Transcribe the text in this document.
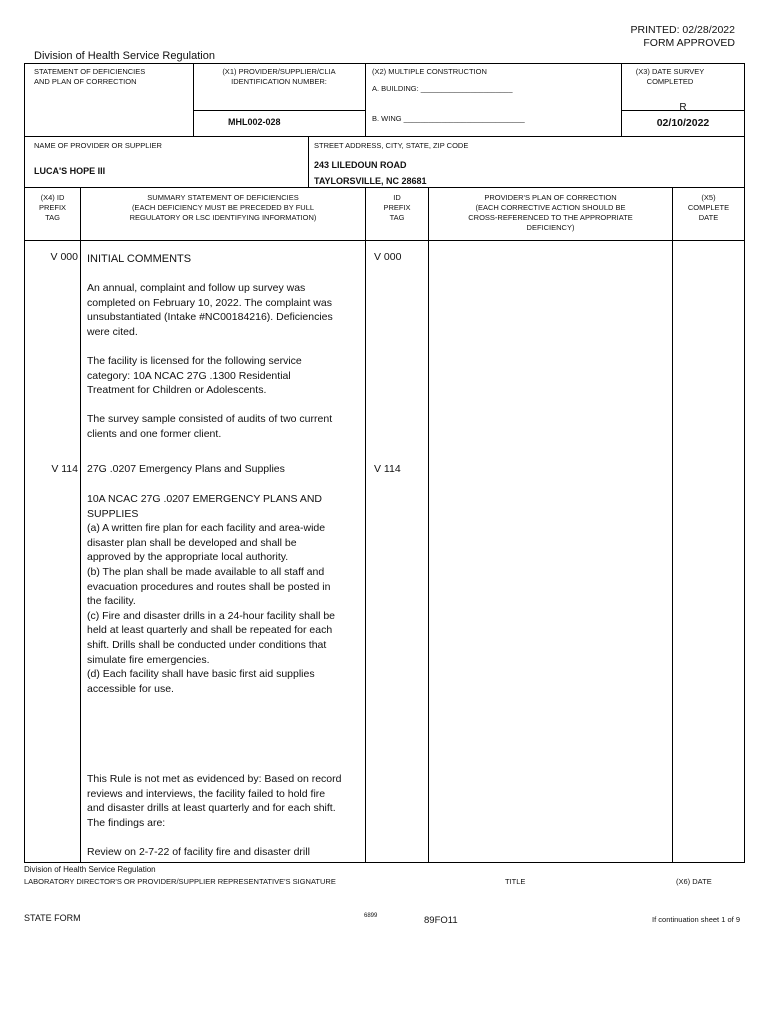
PRINTED: 02/28/2022
FORM APPROVED
Division of Health Service Regulation
STATEMENT OF DEFICIENCIES
AND PLAN OF CORRECTION
(X1) PROVIDER/SUPPLIER/CLIA
IDENTIFICATION NUMBER:
MHL002-028
(X2) MULTIPLE CONSTRUCTION
A. BUILDING: ______________________
B. WING _____________________________
(X3) DATE SURVEY
COMPLETED
R
02/10/2022
NAME OF PROVIDER OR SUPPLIER
LUCA'S HOPE III
STREET ADDRESS, CITY, STATE, ZIP CODE
243 LILEDOUN ROAD
TAYLORSVILLE, NC 28681
(X4) ID
PREFIX
TAG
SUMMARY STATEMENT OF DEFICIENCIES
(EACH DEFICIENCY MUST BE PRECEDED BY FULL
REGULATORY OR LSC IDENTIFYING INFORMATION)
ID
PREFIX
TAG
PROVIDER'S PLAN OF CORRECTION
(EACH CORRECTIVE ACTION SHOULD BE
CROSS-REFERENCED TO THE APPROPRIATE
DEFICIENCY)
(X5)
COMPLETE
DATE
V 000	V 000
INITIAL COMMENTS

An annual, complaint and follow up survey was completed on February 10, 2022. The complaint was unsubstantiated (Intake #NC00184216). Deficiencies were cited.

The facility is licensed for the following service category: 10A NCAC 27G .1300 Residential Treatment for Children or Adolescents.

The survey sample consisted of audits of two current clients and one former client.

V 114	V 114
27G .0207 Emergency Plans and Supplies
10A NCAC 27G .0207 EMERGENCY PLANS AND SUPPLIES
(a) A written fire plan for each facility and area-wide disaster plan shall be developed and shall be approved by the appropriate local authority.
(b) The plan shall be made available to all staff and evacuation procedures and routes shall be posted in the facility.
(c) Fire and disaster drills in a 24-hour facility shall be held at least quarterly and shall be repeated for each shift. Drills shall be conducted under conditions that simulate fire emergencies.
(d) Each facility shall have basic first aid supplies accessible for use.

This Rule is not met as evidenced by: Based on record reviews and interviews, the facility failed to hold fire and disaster drills at least quarterly and for each shift. The findings are:

Review on 2-7-22 of facility fire and disaster drill

Division of Health Service Regulation
LABORATORY DIRECTOR'S OR PROVIDER/SUPPLIER REPRESENTATIVE'S SIGNATURE	TITLE	(X6) DATE
STATE FORM	6899	89FO11	If continuation sheet 1 of 9
